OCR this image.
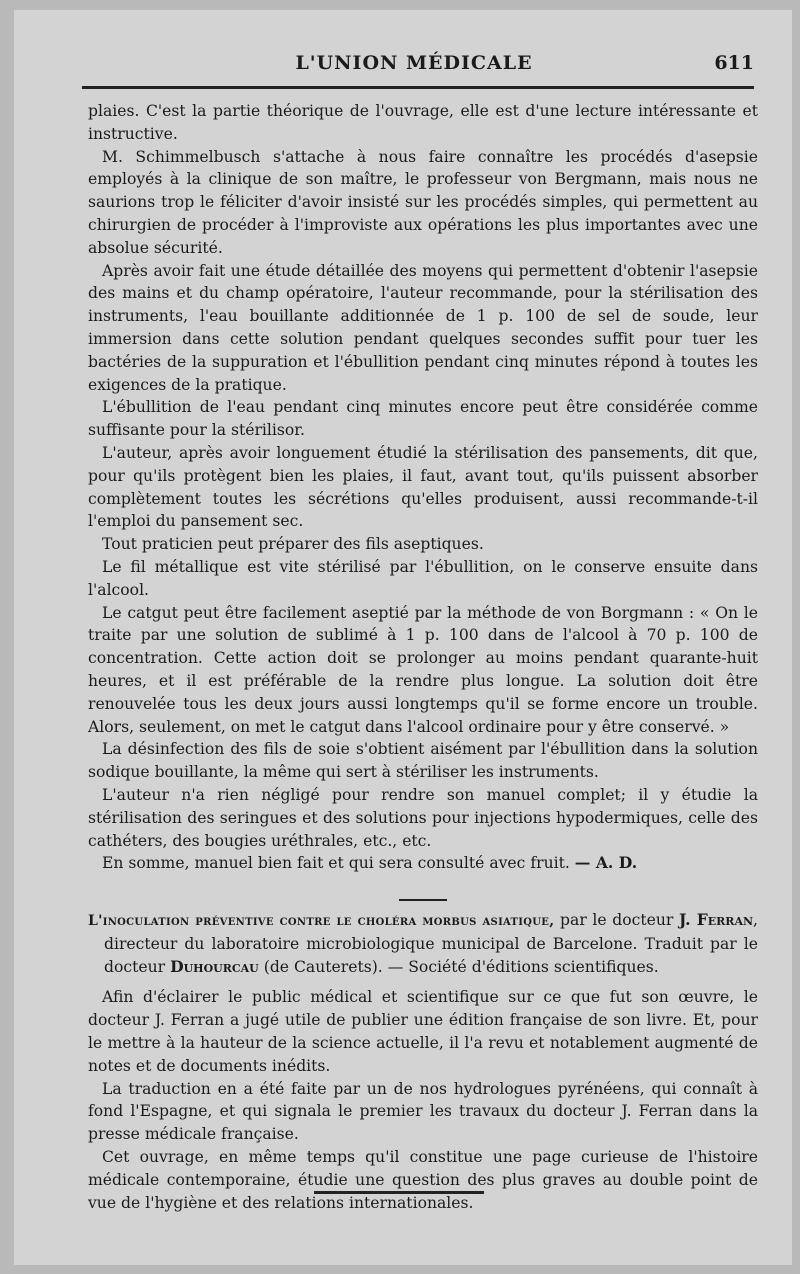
L'UNION MÉDICALE	611

plaies. C'est la partie théorique de l'ouvrage, elle est d'une lecture intéressante et instructive.

M. Schimmelbusch s'attache à nous faire connaître les procédés d'asepsie employés à la clinique de son maître, le professeur von Bergmann, mais nous ne saurions trop le féliciter d'avoir insisté sur les procédés simples, qui permettent au chirurgien de procéder à l'improviste aux opérations les plus importantes avec une absolue sécurité.

Après avoir fait une étude détaillée des moyens qui permettent d'obtenir l'asepsie des mains et du champ opératoire, l'auteur recommande, pour la stérilisation des instruments, l'eau bouillante additionnée de 1 p. 100 de sel de soude, leur immersion dans cette solution pendant quelques secondes suffit pour tuer les bactéries de la suppuration et l'ébullition pendant cinq minutes répond à toutes les exigences de la pratique.

L'ébullition de l'eau pendant cinq minutes encore peut être considérée comme suffisante pour la stérilisor.

L'auteur, après avoir longuement étudié la stérilisation des pansements, dit que, pour qu'ils protègent bien les plaies, il faut, avant tout, qu'ils puissent absorber complètement toutes les sécrétions qu'elles produisent, aussi recommande-t-il l'emploi du pansement sec.

Tout praticien peut préparer des fils aseptiques.

Le fil métallique est vite stérilisé par l'ébullition, on le conserve ensuite dans l'alcool.

Le catgut peut être facilement aseptié par la méthode de von Borgmann : « On le traite par une solution de sublimé à 1 p. 100 dans de l'alcool à 70 p. 100 de concentration. Cette action doit se prolonger au moins pendant quarante-huit heures, et il est préférable de la rendre plus longue. La solution doit être renouvelée tous les deux jours aussi longtemps qu'il se forme encore un trouble. Alors, seulement, on met le catgut dans l'alcool ordinaire pour y être conservé. »

La désinfection des fils de soie s'obtient aisément par l'ébullition dans la solution sodique bouillante, la même qui sert à stériliser les instruments.

L'auteur n'a rien négligé pour rendre son manuel complet; il y étudie la stérilisation des seringues et des solutions pour injections hypodermiques, celle des cathéters, des bougies uréthrales, etc., etc.

En somme, manuel bien fait et qui sera consulté avec fruit. — A. D.

L'inoculation préventive contre le choléra morbus asiatique, par le docteur J. Ferran, directeur du laboratoire microbiologique municipal de Barcelone. Traduit par le docteur Duhourcau (de Cauterets). — Société d'éditions scientifiques.

Afin d'éclairer le public médical et scientifique sur ce que fut son œuvre, le docteur J. Ferran a jugé utile de publier une édition française de son livre. Et, pour le mettre à la hauteur de la science actuelle, il l'a revu et notablement augmenté de notes et de documents inédits.

La traduction en a été faite par un de nos hydrologues pyrénéens, qui connaît à fond l'Espagne, et qui signala le premier les travaux du docteur J. Ferran dans la presse médicale française.

Cet ouvrage, en même temps qu'il constitue une page curieuse de l'histoire médicale contemporaine, étudie une question des plus graves au double point de vue de l'hygiène et des relations internationales.
